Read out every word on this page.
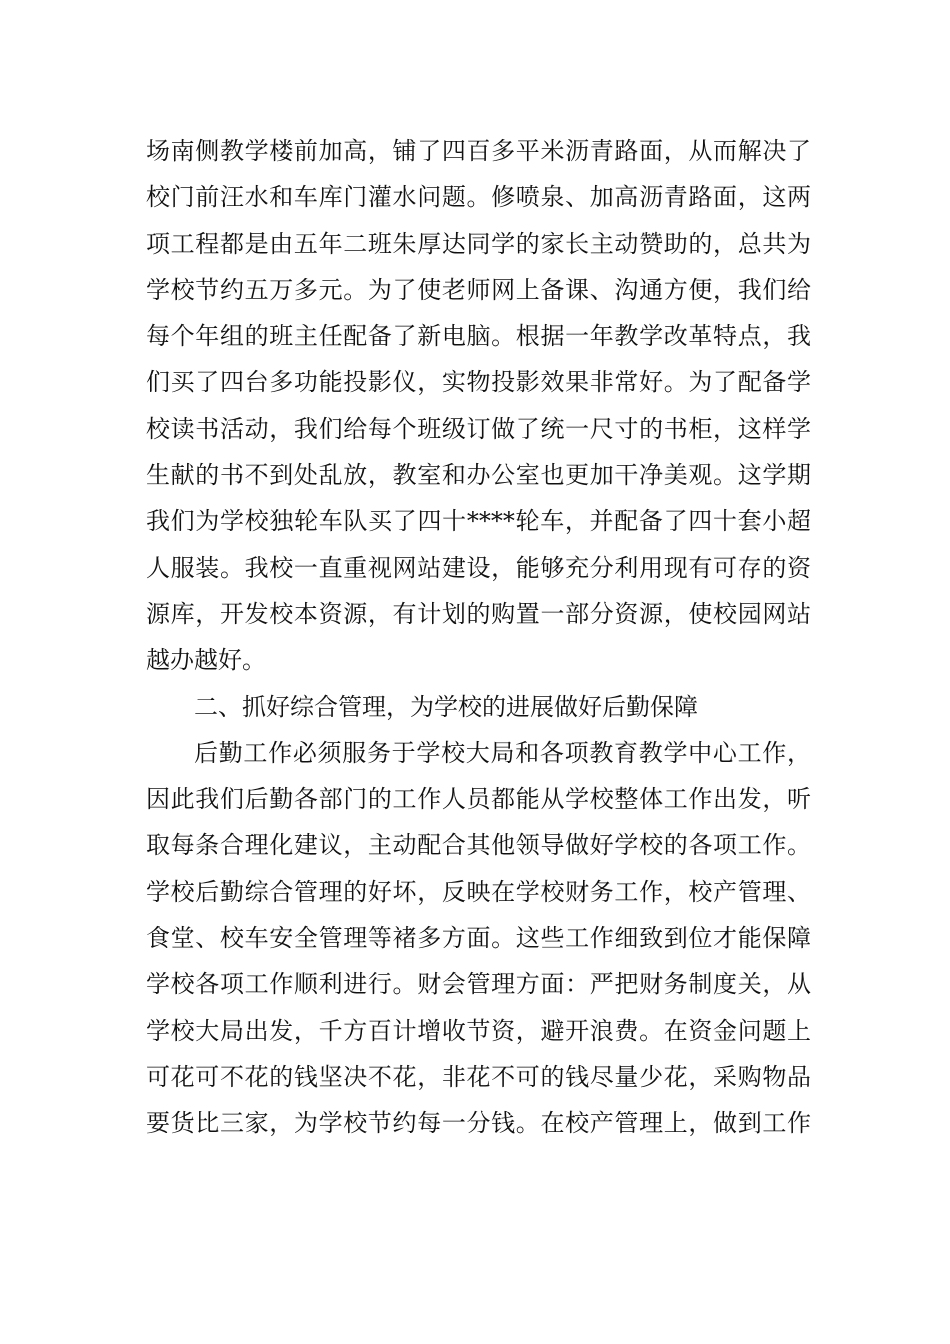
场南侧教学楼前加高，铺了四百多平米沥青路面，从而解决了
校门前汪水和车库门灌水问题。修喷泉、加高沥青路面，这两
项工程都是由五年二班朱厚达同学的家长主动赞助的，总共为
学校节约五万多元。为了使老师网上备课、沟通方便，我们给
每个年组的班主任配备了新电脑。根据一年教学改革特点，我
们买了四台多功能投影仪，实物投影效果非常好。为了配备学
校读书活动，我们给每个班级订做了统一尺寸的书柜，这样学
生献的书不到处乱放，教室和办公室也更加干净美观。这学期
我们为学校独轮车队买了四十****轮车，并配备了四十套小超
人服装。我校一直重视网站建设，能够充分利用现有可存的资
源库，开发校本资源，有计划的购置一部分资源，使校园网站
越办越好。
二、抓好综合管理，为学校的进展做好后勤保障
后勤工作必须服务于学校大局和各项教育教学中心工作，
因此我们后勤各部门的工作人员都能从学校整体工作出发，听
取每条合理化建议，主动配合其他领导做好学校的各项工作。
学校后勤综合管理的好坏，反映在学校财务工作，校产管理、
食堂、校车安全管理等褚多方面。这些工作细致到位才能保障
学校各项工作顺利进行。财会管理方面：严把财务制度关，从
学校大局出发，千方百计增收节资，避开浪费。在资金问题上
可花可不花的钱坚决不花，非花不可的钱尽量少花，采购物品
要货比三家，为学校节约每一分钱。在校产管理上，做到工作
